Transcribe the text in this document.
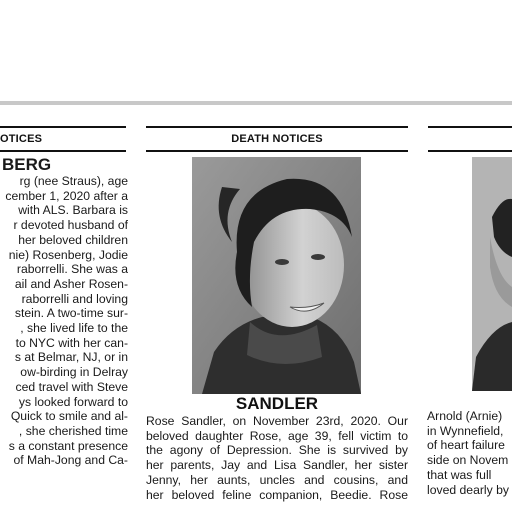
OTICES	DEATH NOTICES
BERG
rg (nee Straus), age
cember 1, 2020 after a
with ALS. Barbara is
r devoted husband of
her beloved children
nie) Rosenberg, Jodie
raborrelli. She was a
ail and Asher Rosen-
raborrelli and loving
stein. A two-time sur-
, she lived life to the
to NYC with her can-
s at Belmar, NJ, or in
ow-birding in Delray
ced travel with Steve
ys looked forward to
Quick to smile and al-
, she cherished time
s a constant presence
of Mah-Jong and Ca-
SANDLER
Rose Sandler, on November 23rd, 2020. Our
beloved daughter Rose, age 39, fell victim to
the agony of Depression. She is survived by
her parents, Jay and Lisa Sandler, her sister
Jenny, her aunts, uncles and cousins, and
her beloved feline companion, Beedie. Rose
Arnold (Arnie)
in Wynnefield,
of heart failure
side on Novem
that was full
loved dearly by
